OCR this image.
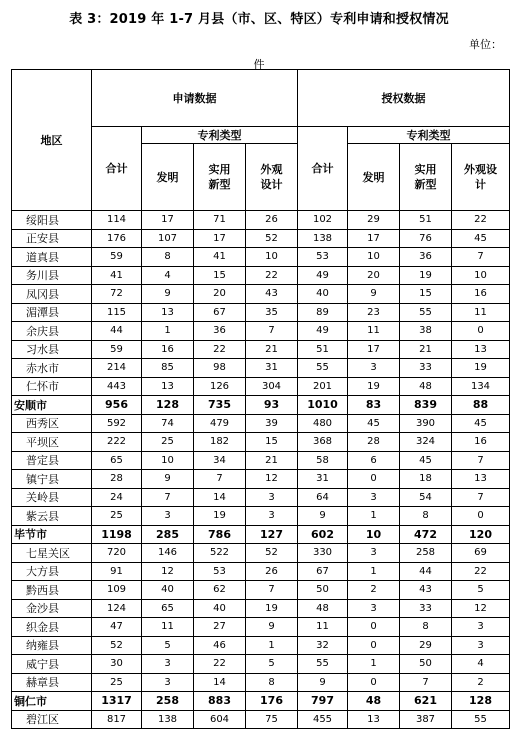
表 3：2019 年 1-7 月县（市、区、特区）专利申请和授权情况
单位：
件
地区	申请数据				授权数据			
	合计	专利类型			合计	专利类型		
		发明	实用新型	外观设计		发明	实用新型	外观设计
绥阳县	114	17	71	26	102	29	51	22
正安县	176	107	17	52	138	17	76	45
道真县	59	8	41	10	53	10	36	7
务川县	41	4	15	22	49	20	19	10
凤冈县	72	9	20	43	40	9	15	16
湄潭县	115	13	67	35	89	23	55	11
余庆县	44	1	36	7	49	11	38	0
习水县	59	16	22	21	51	17	21	13
赤水市	214	85	98	31	55	3	33	19
仁怀市	443	13	126	304	201	19	48	134
安顺市	956	128	735	93	1010	83	839	88
西秀区	592	74	479	39	480	45	390	45
平坝区	222	25	182	15	368	28	324	16
普定县	65	10	34	21	58	6	45	7
镇宁县	28	9	7	12	31	0	18	13
关岭县	24	7	14	3	64	3	54	7
紫云县	25	3	19	3	9	1	8	0
毕节市	1198	285	786	127	602	10	472	120
七星关区	720	146	522	52	330	3	258	69
大方县	91	12	53	26	67	1	44	22
黔西县	109	40	62	7	50	2	43	5
金沙县	124	65	40	19	48	3	33	12
织金县	47	11	27	9	11	0	8	3
纳雍县	52	5	46	1	32	0	29	3
威宁县	30	3	22	5	55	1	50	4
赫章县	25	3	14	8	9	0	7	2
铜仁市	1317	258	883	176	797	48	621	128
碧江区	817	138	604	75	455	13	387	55
